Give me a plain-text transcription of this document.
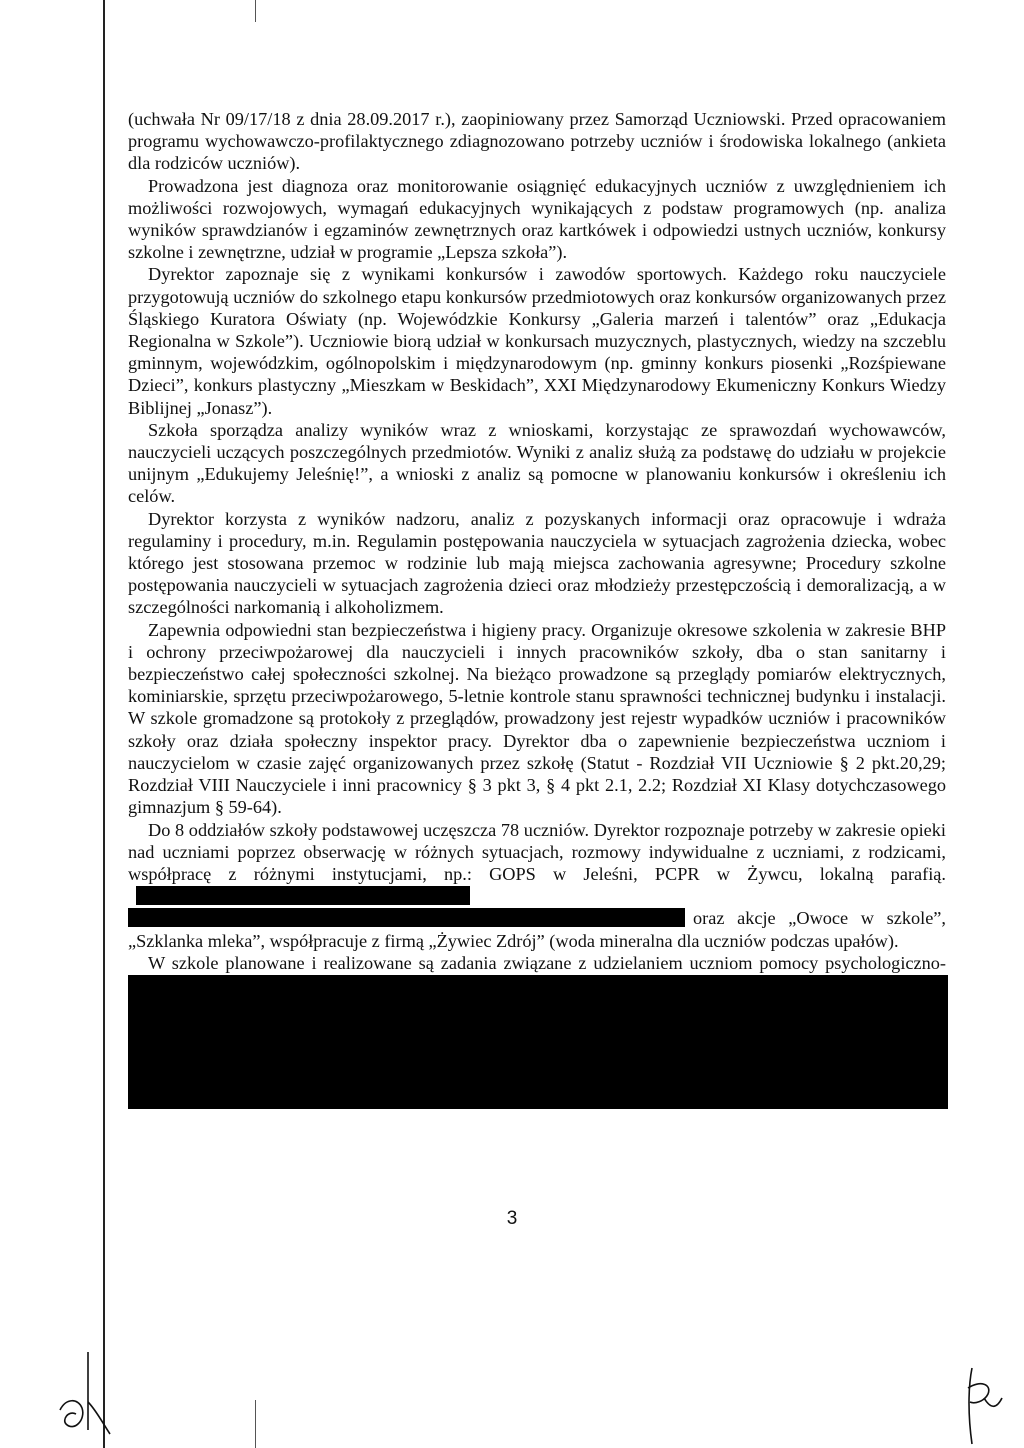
(uchwała Nr 09/17/18 z dnia 28.09.2017 r.), zaopiniowany przez Samorząd Uczniowski. Przed opracowaniem programu wychowawczo-profilaktycznego zdiagnozowano potrzeby uczniów i środowiska lokalnego (ankieta dla rodziców uczniów).

Prowadzona jest diagnoza oraz monitorowanie osiągnięć edukacyjnych uczniów z uwzględnieniem ich możliwości rozwojowych, wymagań edukacyjnych wynikających z podstaw programowych (np. analiza wyników sprawdzianów i egzaminów zewnętrznych oraz kartkówek i odpowiedzi ustnych uczniów, konkursy szkolne i zewnętrzne, udział w programie „Lepsza szkoła”).

Dyrektor zapoznaje się z wynikami konkursów i zawodów sportowych. Każdego roku nauczyciele przygotowują uczniów do szkolnego etapu konkursów przedmiotowych oraz konkursów organizowanych przez Śląskiego Kuratora Oświaty (np. Wojewódzkie Konkursy „Galeria marzeń i talentów” oraz „Edukacja Regionalna w Szkole”). Uczniowie biorą udział w konkursach muzycznych, plastycznych, wiedzy na szczeblu gminnym, wojewódzkim, ogólnopolskim i międzynarodowym (np. gminny konkurs piosenki „Rozśpiewane Dzieci”, konkurs plastyczny „Mieszkam w Beskidach”, XXI Międzynarodowy Ekumeniczny Konkurs Wiedzy Biblijnej „Jonasz”).

Szkoła sporządza analizy wyników wraz z wnioskami, korzystając ze sprawozdań wychowawców, nauczycieli uczących poszczególnych przedmiotów. Wyniki z analiz służą za podstawę do udziału w projekcie unijnym „Edukujemy Jeleśnię!”, a wnioski z analiz są pomocne w planowaniu konkursów i określeniu ich celów.

Dyrektor korzysta z wyników nadzoru, analiz z pozyskanych informacji oraz opracowuje i wdraża regulaminy i procedury, m.in. Regulamin postępowania nauczyciela w sytuacjach zagrożenia dziecka, wobec którego jest stosowana przemoc w rodzinie lub mają miejsca zachowania agresywne; Procedury szkolne postępowania nauczycieli w sytuacjach zagrożenia dzieci oraz młodzieży przestępczością i demoralizacją, a w szczególności narkomanią i alkoholizmem.

Zapewnia odpowiedni stan bezpieczeństwa i higieny pracy. Organizuje okresowe szkolenia w zakresie BHP i ochrony przeciwpożarowej dla nauczycieli i innych pracowników szkoły, dba o stan sanitarny i bezpieczeństwo całej społeczności szkolnej. Na bieżąco prowadzone są przeglądy pomiarów elektrycznych, kominiarskie, sprzętu przeciwpożarowego, 5-letnie kontrole stanu sprawności technicznej budynku i instalacji. W szkole gromadzone są protokoły z przeglądów, prowadzony jest rejestr wypadków uczniów i pracowników szkoły oraz działa społeczny inspektor pracy. Dyrektor dba o zapewnienie bezpieczeństwa uczniom i nauczycielom w czasie zajęć organizowanych przez szkołę (Statut - Rozdział VII Uczniowie § 2 pkt.20,29; Rozdział VIII Nauczyciele i inni pracownicy § 3 pkt 3, § 4 pkt 2.1, 2.2; Rozdział XI Klasy dotychczasowego gimnazjum § 59-64).

Do 8 oddziałów szkoły podstawowej uczęszcza 78 uczniów. Dyrektor rozpoznaje potrzeby w zakresie opieki nad uczniami poprzez obserwację w różnych sytuacjach, rozmowy indywidualne z uczniami, z rodzicami, współpracę z różnymi instytucjami, np.: GOPS w Jeleśni, PCPR w Żywcu, lokalną parafią. oraz akcje „Owoce w szkole”, „Szklanka mleka”, współpracuje z firmą „Żywiec Zdrój” (woda mineralna dla uczniów podczas upałów).

W szkole planowane i realizowane są zadania związane z udzielaniem uczniom pomocy psychologiczno-

3
